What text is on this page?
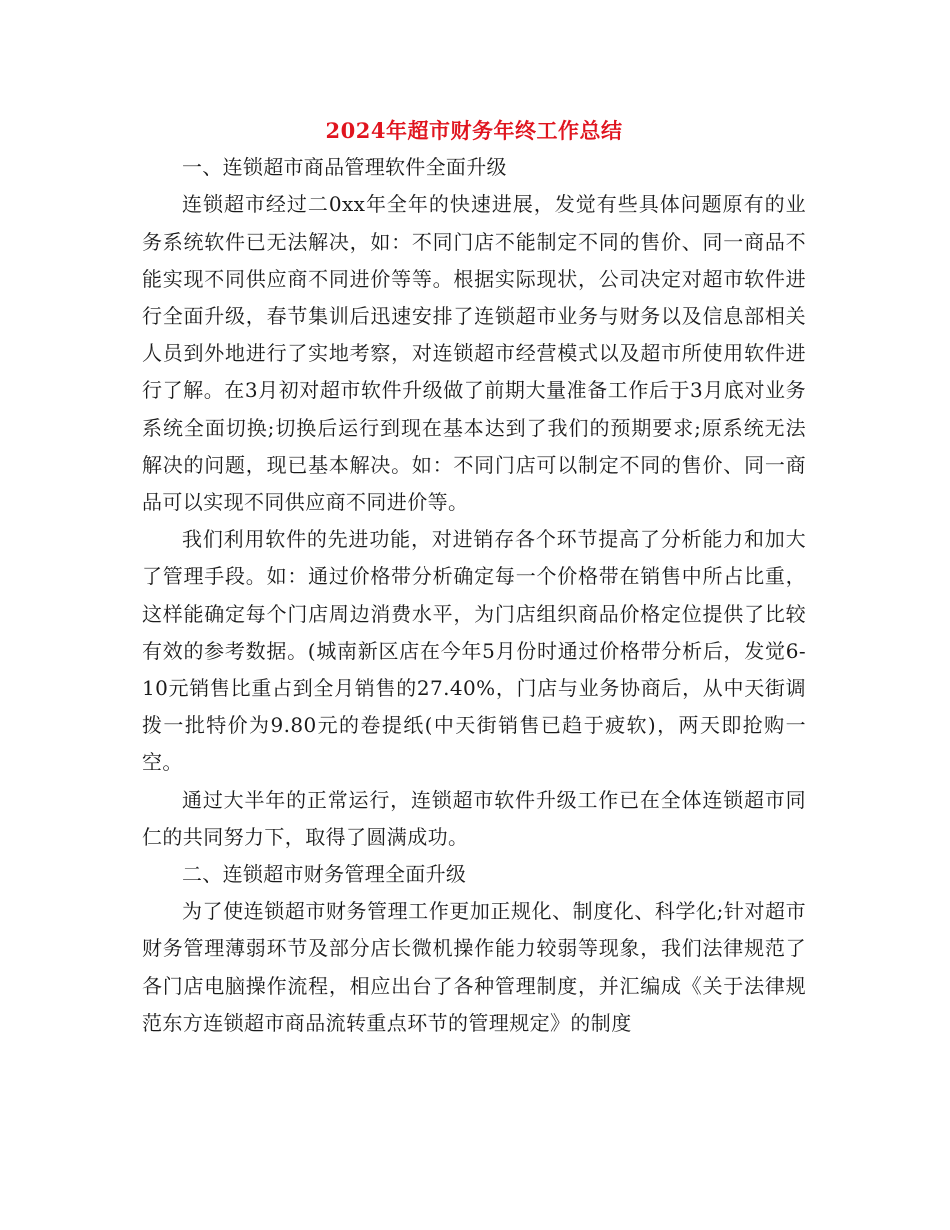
2024年超市财务年终工作总结

一、连锁超市商品管理软件全面升级

连锁超市经过二0xx年全年的快速进展，发觉有些具体问题原有的业务系统软件已无法解决，如：不同门店不能制定不同的售价、同一商品不能实现不同供应商不同进价等等。根据实际现状，公司决定对超市软件进行全面升级，春节集训后迅速安排了连锁超市业务与财务以及信息部相关人员到外地进行了实地考察，对连锁超市经营模式以及超市所使用软件进行了解。在3月初对超市软件升级做了前期大量准备工作后于3月底对业务系统全面切换;切换后运行到现在基本达到了我们的预期要求;原系统无法解决的问题，现已基本解决。如：不同门店可以制定不同的售价、同一商品可以实现不同供应商不同进价等。

我们利用软件的先进功能，对进销存各个环节提高了分析能力和加大了管理手段。如：通过价格带分析确定每一个价格带在销售中所占比重，这样能确定每个门店周边消费水平，为门店组织商品价格定位提供了比较有效的参考数据。(城南新区店在今年5月份时通过价格带分析后，发觉6-10元销售比重占到全月销售的27.40%，门店与业务协商后，从中天街调拨一批特价为9.80元的卷提纸(中天街销售已趋于疲软)，两天即抢购一空。

通过大半年的正常运行，连锁超市软件升级工作已在全体连锁超市同仁的共同努力下，取得了圆满成功。

二、连锁超市财务管理全面升级

为了使连锁超市财务管理工作更加正规化、制度化、科学化;针对超市财务管理薄弱环节及部分店长微机操作能力较弱等现象，我们法律规范了各门店电脑操作流程，相应出台了各种管理制度，并汇编成《关于法律规范东方连锁超市商品流转重点环节的管理规定》的制度
